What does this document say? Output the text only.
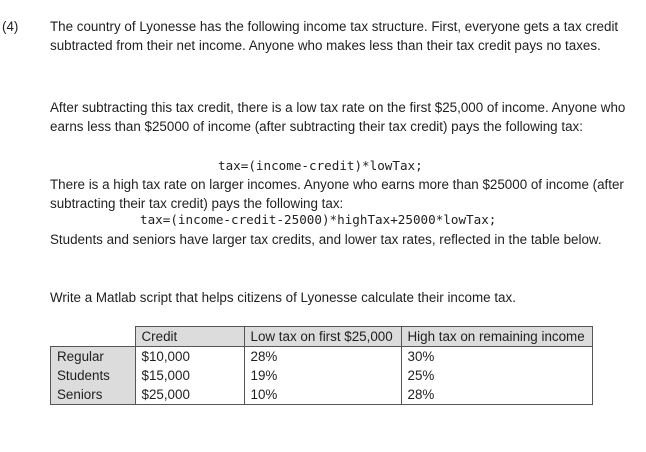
(4) The country of Lyonesse has the following income tax structure. First, everyone gets a tax credit subtracted from their net income. Anyone who makes less than their tax credit pays no taxes.

After subtracting this tax credit, there is a low tax rate on the first $25,000 of income. Anyone who earns less than $25000 of income (after subtracting their tax credit) pays the following tax:

tax=(income-credit)*lowTax;

There is a high tax rate on larger incomes. Anyone who earns more than $25000 of income (after subtracting their tax credit) pays the following tax:

tax=(income-credit-25000)*highTax+25000*lowTax;

Students and seniors have larger tax credits, and lower tax rates, reflected in the table below.

Write a Matlab script that helps citizens of Lyonesse calculate their income tax.

	Credit	Low tax on first $25,000	High tax on remaining income
Regular	$10,000	28%	30%
Students	$15,000	19%	25%
Seniors	$25,000	10%	28%
